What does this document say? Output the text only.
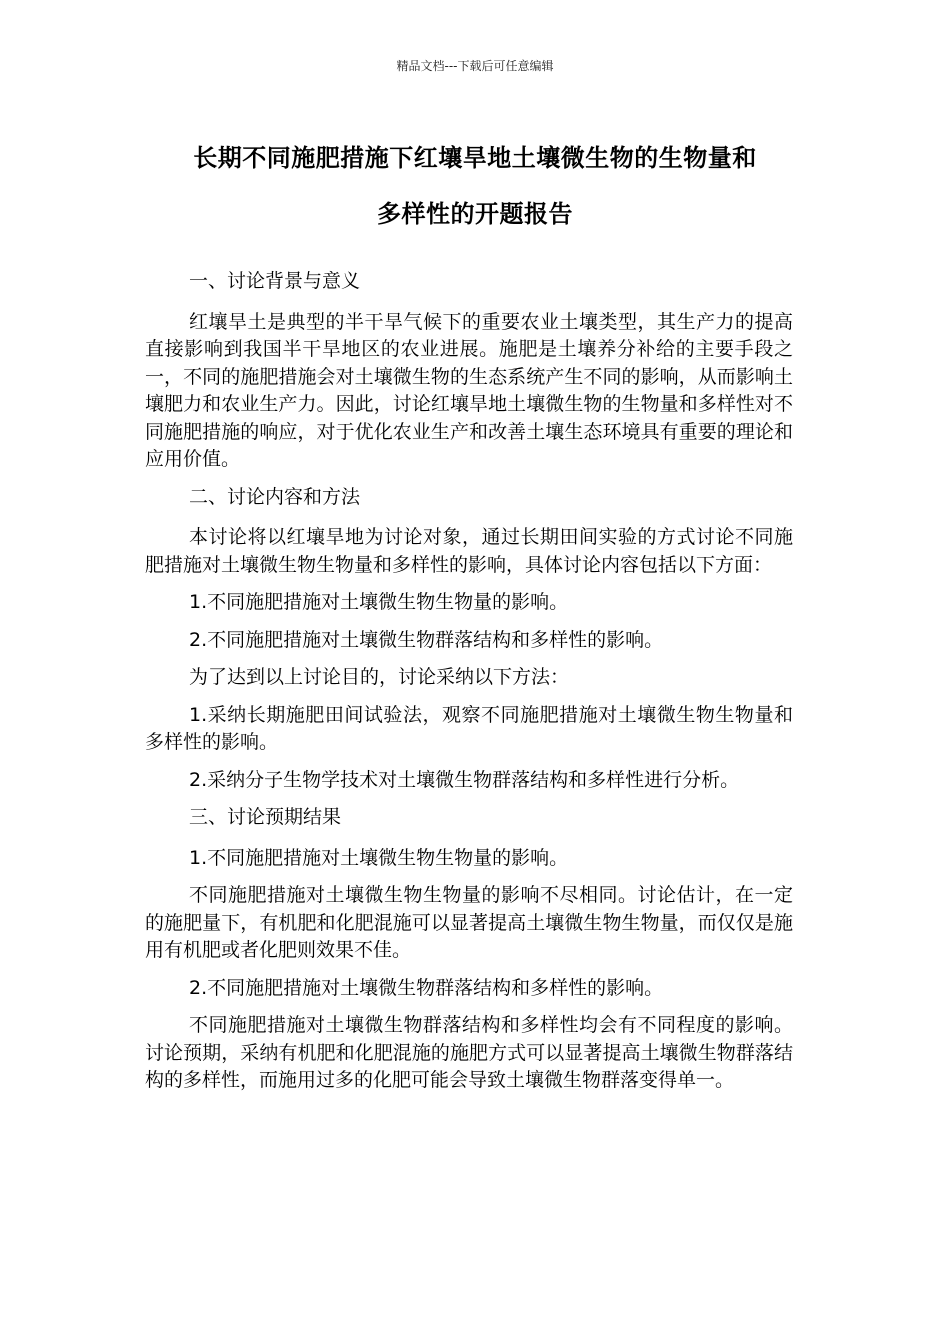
精品文档---下载后可任意编辑
长期不同施肥措施下红壤旱地土壤微生物的生物量和
多样性的开题报告

一、讨论背景与意义

红壤旱土是典型的半干旱气候下的重要农业土壤类型，其生产力的提高直接影响到我国半干旱地区的农业进展。施肥是土壤养分补给的主要手段之一，不同的施肥措施会对土壤微生物的生态系统产生不同的影响，从而影响土壤肥力和农业生产力。因此，讨论红壤旱地土壤微生物的生物量和多样性对不同施肥措施的响应，对于优化农业生产和改善土壤生态环境具有重要的理论和应用价值。

二、讨论内容和方法

本讨论将以红壤旱地为讨论对象，通过长期田间实验的方式讨论不同施肥措施对土壤微生物生物量和多样性的影响，具体讨论内容包括以下方面：

1.不同施肥措施对土壤微生物生物量的影响。

2.不同施肥措施对土壤微生物群落结构和多样性的影响。

为了达到以上讨论目的，讨论采纳以下方法：

1.采纳长期施肥田间试验法，观察不同施肥措施对土壤微生物生物量和多样性的影响。

2.采纳分子生物学技术对土壤微生物群落结构和多样性进行分析。

三、讨论预期结果

1.不同施肥措施对土壤微生物生物量的影响。

不同施肥措施对土壤微生物生物量的影响不尽相同。讨论估计，在一定的施肥量下，有机肥和化肥混施可以显著提高土壤微生物生物量，而仅仅是施用有机肥或者化肥则效果不佳。

2.不同施肥措施对土壤微生物群落结构和多样性的影响。

不同施肥措施对土壤微生物群落结构和多样性均会有不同程度的影响。讨论预期，采纳有机肥和化肥混施的施肥方式可以显著提高土壤微生物群落结构的多样性，而施用过多的化肥可能会导致土壤微生物群落变得单一。
